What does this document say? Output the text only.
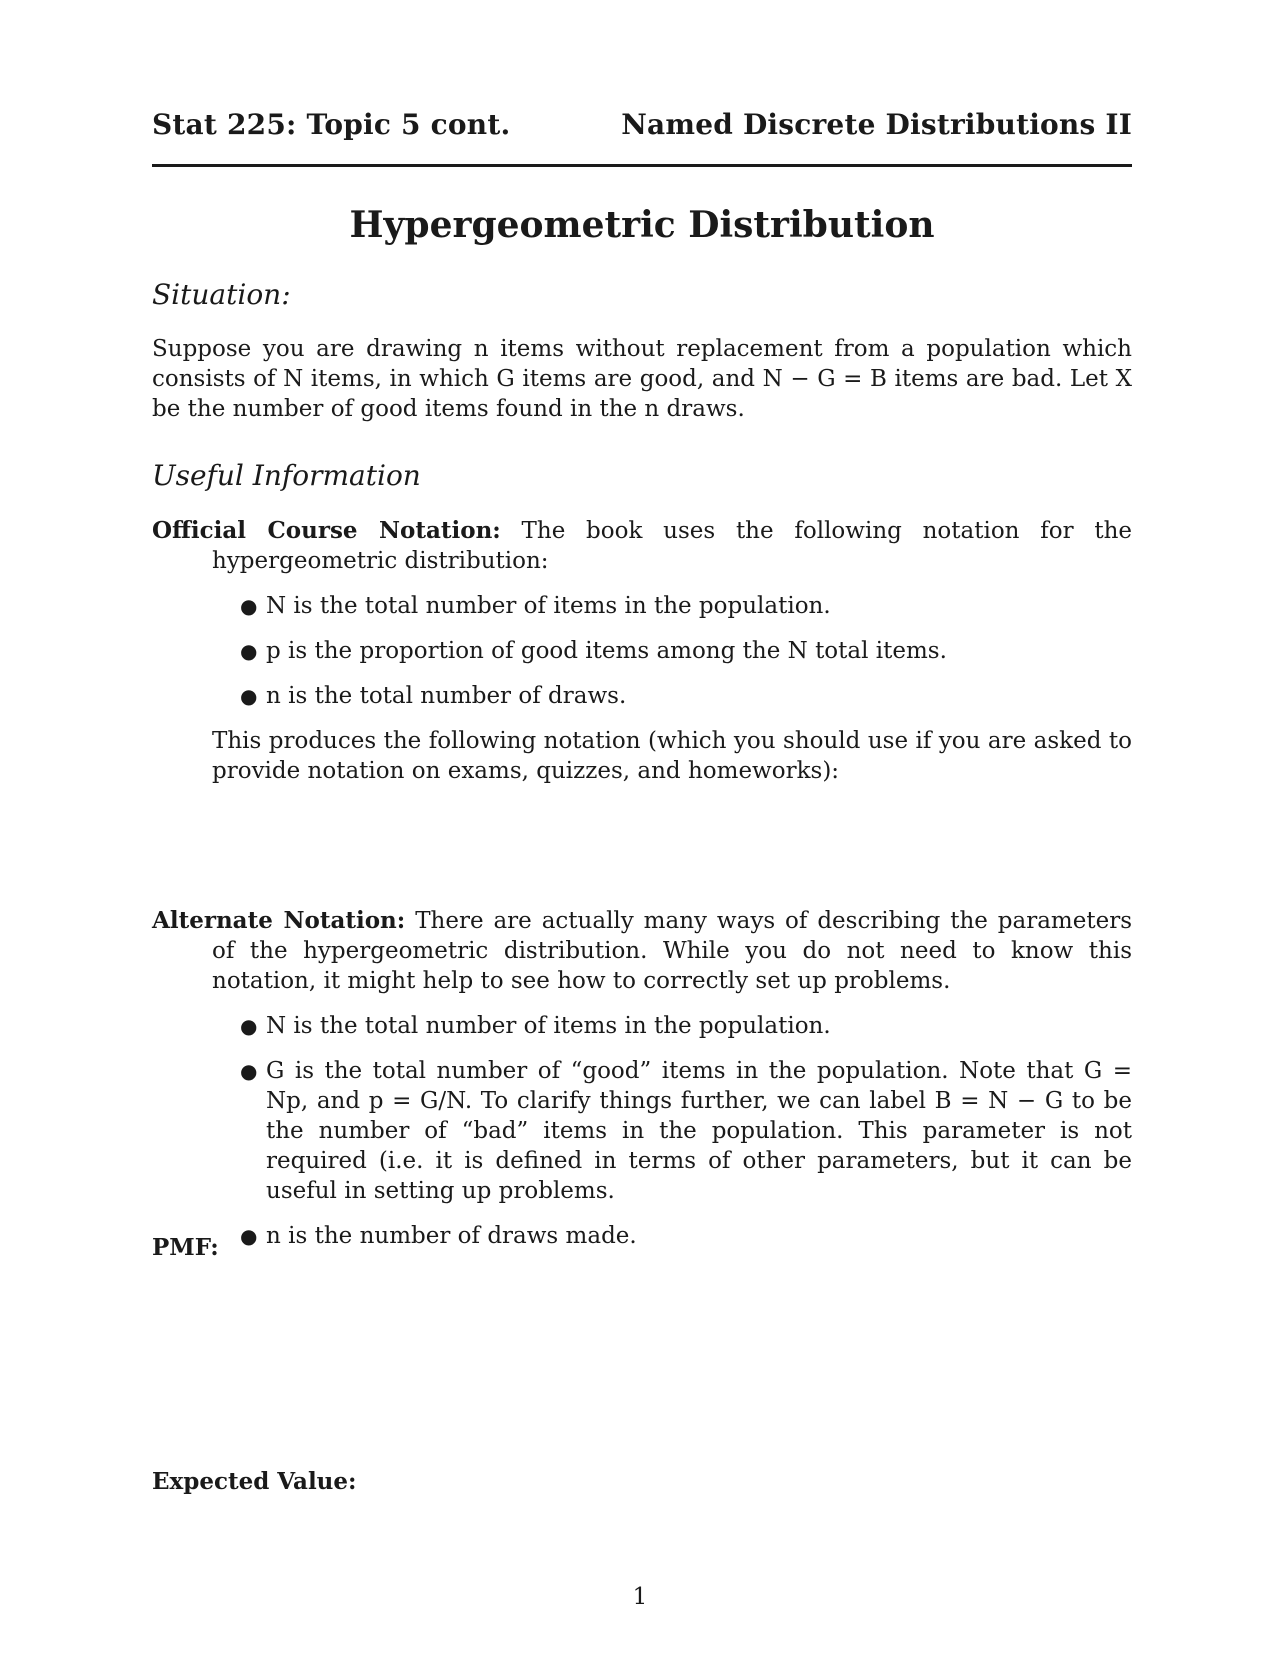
Stat 225: Topic 5 cont.	Named Discrete Distributions II
Hypergeometric Distribution
Situation:
Suppose you are drawing n items without replacement from a population which consists of N items, in which G items are good, and N − G = B items are bad. Let X be the number of good items found in the n draws.
Useful Information
Official Course Notation: The book uses the following notation for the hypergeometric distribution:
● N is the total number of items in the population.
● p is the proportion of good items among the N total items.
● n is the total number of draws.
This produces the following notation (which you should use if you are asked to provide notation on exams, quizzes, and homeworks):
Alternate Notation: There are actually many ways of describing the parameters of the hypergeometric distribution. While you do not need to know this notation, it might help to see how to correctly set up problems.
● N is the total number of items in the population.
● G is the total number of “good” items in the population. Note that G = Np, and p = G/N. To clarify things further, we can label B = N − G to be the number of “bad” items in the population. This parameter is not required (i.e. it is defined in terms of other parameters, but it can be useful in setting up problems.
● n is the number of draws made.
PMF:
Expected Value:
1
